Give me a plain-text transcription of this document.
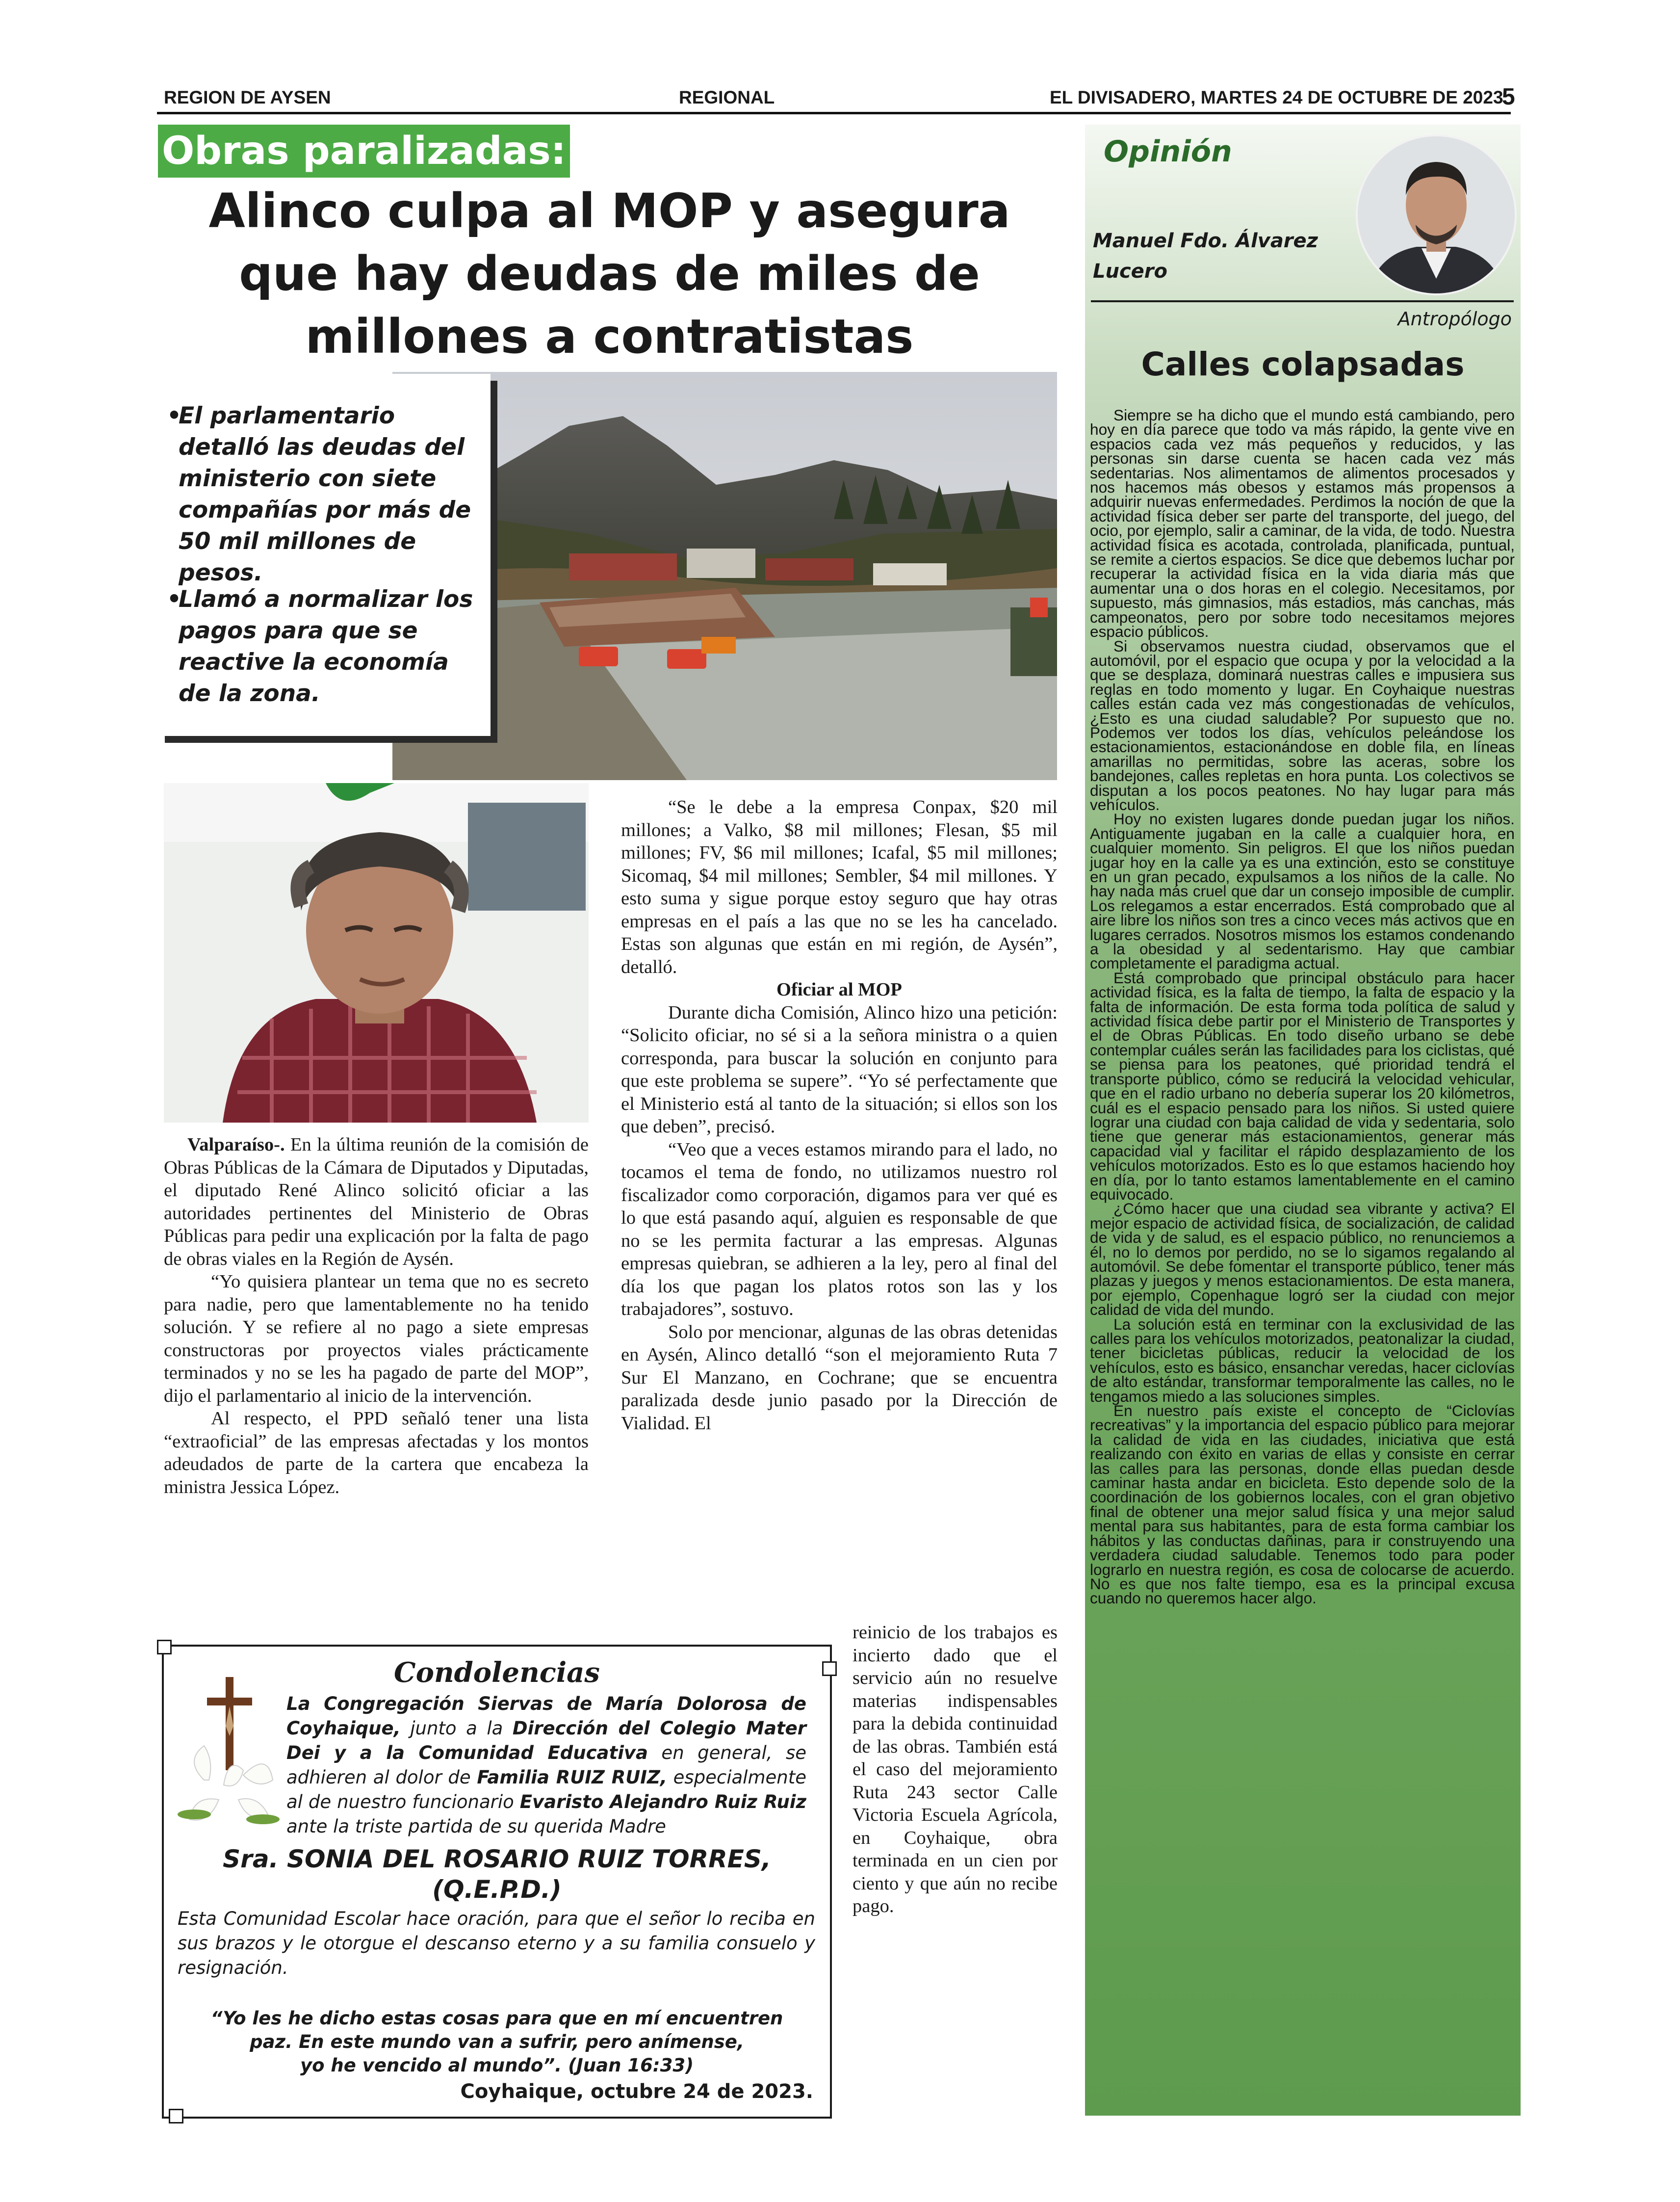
REGION DE AYSEN	REGIONAL	EL DIVISADERO, MARTES 24 DE OCTUBRE DE 2023
5
Obras paralizadas:
Alinco culpa al MOP y asegura
que hay deudas de miles de
millones a contratistas
•
El parlamentario detalló las deudas del ministerio con siete compañías por más de 50 mil millones de pesos.
•
Llamó a normalizar los pagos para que se reactive la economía de la zona.

Valparaíso-. En la última reunión de la comisión de Obras Públicas de la Cámara de Diputados y Diputadas, el diputado René Alinco solicitó oficiar a las autoridades pertinentes del Ministerio de Obras Públicas para pedir una explicación por la falta de pago de obras viales en la Región de Aysén.

“Yo quisiera plantear un tema que no es secreto para nadie, pero que lamentablemente no ha tenido solución. Y se refiere al no pago a siete empresas constructoras por proyectos viales prácticamente terminados y no se les ha pagado de parte del MOP”, dijo el parlamentario al inicio de la intervención.

Al respecto, el PPD señaló tener una lista “extraoficial” de las empresas afectadas y los montos adeudados de parte de la cartera que encabeza la ministra Jessica López.

“Se le debe a la empresa Conpax, $20 mil millones; a Valko, $8 mil millones; Flesan, $5 mil millones; FV, $6 mil millones; Icafal, $5 mil millones; Sicomaq, $4 mil millones; Sembler, $4 mil millones. Y esto suma y sigue porque estoy seguro que hay otras empresas en el país a las que no se les ha cancelado. Estas son algunas que están en mi región, de Aysén”, detalló.

Oficiar al MOP

Durante dicha Comisión, Alinco hizo una petición: “Solicito oficiar, no sé si a la señora ministra o a quien corresponda, para buscar la solución en conjunto para que este problema se supere”. “Yo sé perfectamente que el Ministerio está al tanto de la situación; si ellos son los que deben”, precisó.

“Veo que a veces estamos mirando para el lado, no tocamos el tema de fondo, no utilizamos nuestro rol fiscalizador como corporación, digamos para ver qué es lo que está pasando aquí, alguien es responsable de que no se les permita facturar a las empresas. Algunas empresas quiebran, se adhieren a la ley, pero al final del día los que pagan los platos rotos son las y los trabajadores”, sostuvo.

Solo por mencionar, algunas de las obras detenidas en Aysén, Alinco detalló “son el mejoramiento Ruta 7 Sur El Manzano, en Cochrane; que se encuentra paralizada desde junio pasado por la Dirección de Vialidad. El

reinicio de los trabajos es incierto dado que el servicio aún no resuelve materias indispensables para la debida continuidad de las obras. También está el caso del mejoramiento Ruta 243 sector Calle Victoria Escuela Agrícola, en Coyhaique, obra terminada en un cien por ciento y que aún no recibe pago.

Condolencias
La Congregación Siervas de María Dolorosa de Coyhaique, junto a la Dirección del Colegio Mater Dei y a la Comunidad Educativa en general, se adhieren al dolor de Familia RUIZ RUIZ, especialmente al de nuestro funcionario Evaristo Alejandro Ruiz Ruiz ante la triste partida de su querida Madre
Sra. SONIA DEL ROSARIO RUIZ TORRES,
(Q.E.P.D.)
Esta Comunidad Escolar hace oración, para que el señor lo reciba en sus brazos y le otorgue el descanso eterno y a su familia consuelo y resignación.
“Yo les he dicho estas cosas para que en mí encuentren
paz. En este mundo van a sufrir, pero anímense,
yo he vencido al mundo”. (Juan 16:33)
Coyhaique, octubre 24 de 2023.
Opinión
Manuel Fdo. Álvarez
Lucero
Antropólogo
Calles colapsadas

Siempre se ha dicho que el mundo está cambiando, pero hoy en día parece que todo va más rápido, la gente vive en espacios cada vez más pequeños y reducidos, y las personas sin darse cuenta se hacen cada vez más sedentarias. Nos alimentamos de alimentos procesados y nos hacemos más obesos y estamos más propensos a adquirir nuevas enfermedades. Perdimos la noción de que la actividad física deber ser parte del transporte, del juego, del ocio, por ejemplo, salir a caminar, de la vida, de todo. Nuestra actividad física es acotada, controlada, planificada, puntual, se remite a ciertos espacios. Se dice que debemos luchar por recuperar la actividad física en la vida diaria más que aumentar una o dos horas en el colegio. Necesitamos, por supuesto, más gimnasios, más estadios, más canchas, más campeonatos, pero por sobre todo necesitamos mejores espacio públicos.

Si observamos nuestra ciudad, observamos que el automóvil, por el espacio que ocupa y por la velocidad a la que se desplaza, dominará nuestras calles e impusiera sus reglas en todo momento y lugar. En Coyhaique nuestras calles están cada vez más congestionadas de vehículos, ¿Esto es una ciudad saludable? Por supuesto que no. Podemos ver todos los días, vehículos peleándose los estacionamientos, estacionándose en doble fila, en líneas amarillas no permitidas, sobre las aceras, sobre los bandejones, calles repletas en hora punta. Los colectivos se disputan a los pocos peatones. No hay lugar para más vehículos.

Hoy no existen lugares donde puedan jugar los niños. Antiguamente jugaban en la calle a cualquier hora, en cualquier momento. Sin peligros. El que los niños puedan jugar hoy en la calle ya es una extinción, esto se constituye en un gran pecado, expulsamos a los niños de la calle. No hay nada más cruel que dar un consejo imposible de cumplir. Los relegamos a estar encerrados. Está comprobado que al aire libre los niños son tres a cinco veces más activos que en lugares cerrados. Nosotros mismos los estamos condenando a la obesidad y al sedentarismo. Hay que cambiar completamente el paradigma actual.

Está comprobado que principal obstáculo para hacer actividad física, es la falta de tiempo, la falta de espacio y la falta de información. De esta forma toda política de salud y actividad física debe partir por el Ministerio de Transportes y el de Obras Públicas. En todo diseño urbano se debe contemplar cuáles serán las facilidades para los ciclistas, qué se piensa para los peatones, qué prioridad tendrá el transporte público, cómo se reducirá la velocidad vehicular, que en el radio urbano no debería superar los 20 kilómetros, cuál es el espacio pensado para los niños. Si usted quiere lograr una ciudad con baja calidad de vida y sedentaria, solo tiene que generar más estacionamientos, generar más capacidad vial y facilitar el rápido desplazamiento de los vehículos motorizados. Esto es lo que estamos haciendo hoy en día, por lo tanto estamos lamentablemente en el camino equivocado.

¿Cómo hacer que una ciudad sea vibrante y activa? El mejor espacio de actividad física, de socialización, de calidad de vida y de salud, es el espacio público, no renunciemos a él, no lo demos por perdido, no se lo sigamos regalando al automóvil. Se debe fomentar el transporte público, tener más plazas y juegos y menos estacionamientos. De esta manera, por ejemplo, Copenhague logró ser la ciudad con mejor calidad de vida del mundo.

La solución está en terminar con la exclusividad de las calles para los vehículos motorizados, peatonalizar la ciudad, tener bicicletas públicas, reducir la velocidad de los vehículos, esto es básico, ensanchar veredas, hacer ciclovías de alto estándar, transformar temporalmente las calles, no le tengamos miedo a las soluciones simples.

En nuestro país existe el concepto de “Ciclovías recreativas” y la importancia del espacio público para mejorar la calidad de vida en las ciudades, iniciativa que está realizando con éxito en varias de ellas y consiste en cerrar las calles para las personas, donde ellas puedan desde caminar hasta andar en bicicleta. Esto depende solo de la coordinación de los gobiernos locales, con el gran objetivo final de obtener una mejor salud física y una mejor salud mental para sus habitantes, para de esta forma cambiar los hábitos y las conductas dañinas, para ir construyendo una verdadera ciudad saludable. Tenemos todo para poder lograrlo en nuestra región, es cosa de colocarse de acuerdo. No es que nos falte tiempo, esa es la principal excusa cuando no queremos hacer algo.
